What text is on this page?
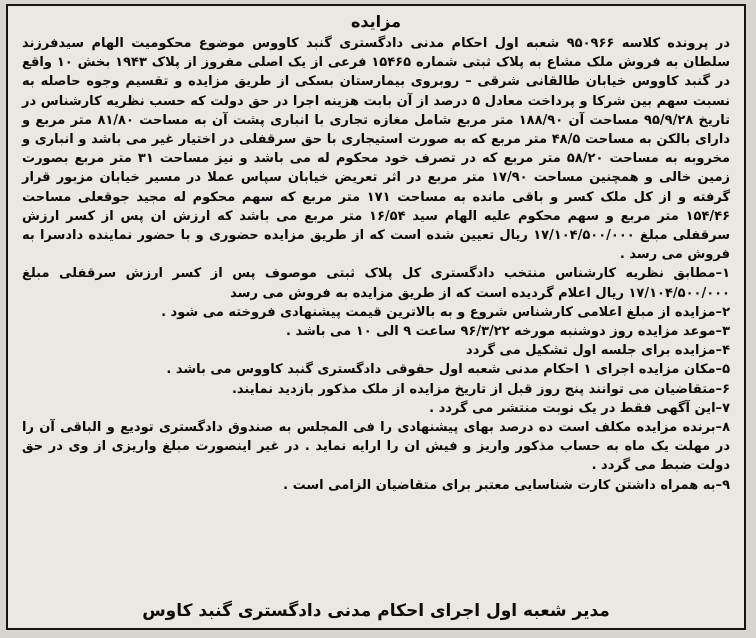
مزایده

در پرونده کلاسه ۹۵۰۹۶۶ شعبه اول احکام مدنی دادگستری گنبد کاووس موضوع محکومیت الهام سیدفرزند سلطان به فروش ملک مشاع به پلاک ثبتی شماره ۱۵۴۶۵ فرعی از یک اصلی مفروز از پلاک ۱۹۴۳ بخش ۱۰ واقع در گنبد کاووس خیابان طالقانی شرقی – روبروی بیمارستان بسکی از طریق مزایده و تقسیم وجوه حاصله به نسبت سهم بین شرکا و پرداخت معادل ۵ درصد از آن بابت هزینه اجرا در حق دولت که حسب نظریه کارشناس در تاریخ ۹۵/۹/۲۸ مساحت آن ۱۸۸/۹۰ متر مربع شامل مغازه تجاری با انباری پشت آن به مساحت ۸۱/۸۰ متر مربع و دارای بالکن به مساحت ۴۸/۵ متر مربع که به صورت استیجاری با حق سرقفلی در اختیار غیر می باشد و انباری و مخروبه به مساحت ۵۸/۲۰ متر مربع که در تصرف خود محکوم له می باشد و نیز مساحت ۳۱ متر مربع بصورت زمین خالی و همچنین مساحت ۱۷/۹۰ متر مربع در اثر تعریض خیابان سپاس عملا در مسیر خیابان مزبور قرار گرفته و از کل ملک کسر و باقی مانده به مساحت ۱۷۱ متر مربع که سهم محکوم له مجید جوقعلی مساحت ۱۵۴/۴۶ متر مربع و سهم محکوم علیه الهام سید ۱۶/۵۴ متر مربع می باشد که ارزش ان پس از کسر ارزش سرقفلی مبلغ ۱۷/۱۰۴/۵۰۰/۰۰۰ ریال تعیین شده است که از طریق مزایده حضوری و با حضور نماینده دادسرا به فروش می رسد .

۱–مطابق نظریه کارشناس منتخب دادگستری کل پلاک ثبتی موصوف پس از کسر ارزش سرقفلی مبلغ ۱۷/۱۰۴/۵۰۰/۰۰۰ ریال اعلام گردیده است که از طریق مزایده به فروش می رسد
۲–مزایده از مبلغ اعلامی کارشناس شروع و به بالاترین قیمت پیشنهادی فروخته می شود .
۳–موعد مزایده روز دوشنبه مورخه ۹۶/۳/۲۲ ساعت ۹ الی ۱۰ می باشد .
۴–مزایده برای جلسه اول تشکیل می گردد
۵–مکان مزایده اجرای ۱ احکام مدنی شعبه اول حقوقی دادگستری گنبد کاووس می باشد .
۶–متقاضیان می توانند پنج روز قبل از تاریخ مزایده از ملک مذکور بازدید نمایند.
۷–این آگهی فقط در یک نوبت منتشر می گردد .
۸–برنده مزایده مکلف است ده درصد بهای پیشنهادی را فی المجلس به صندوق دادگستری تودیع و الباقی آن را در مهلت یک ماه به حساب مذکور واریز و فیش ان را ارایه نماید . در غیر اینصورت مبلغ واریزی از وی در حق دولت ضبط می گردد .
۹–به همراه داشتن کارت شناسایی معتبر برای متقاضیان الزامی است .
مدیر شعبه اول اجرای احکام مدنی دادگستری گنبد کاوس
